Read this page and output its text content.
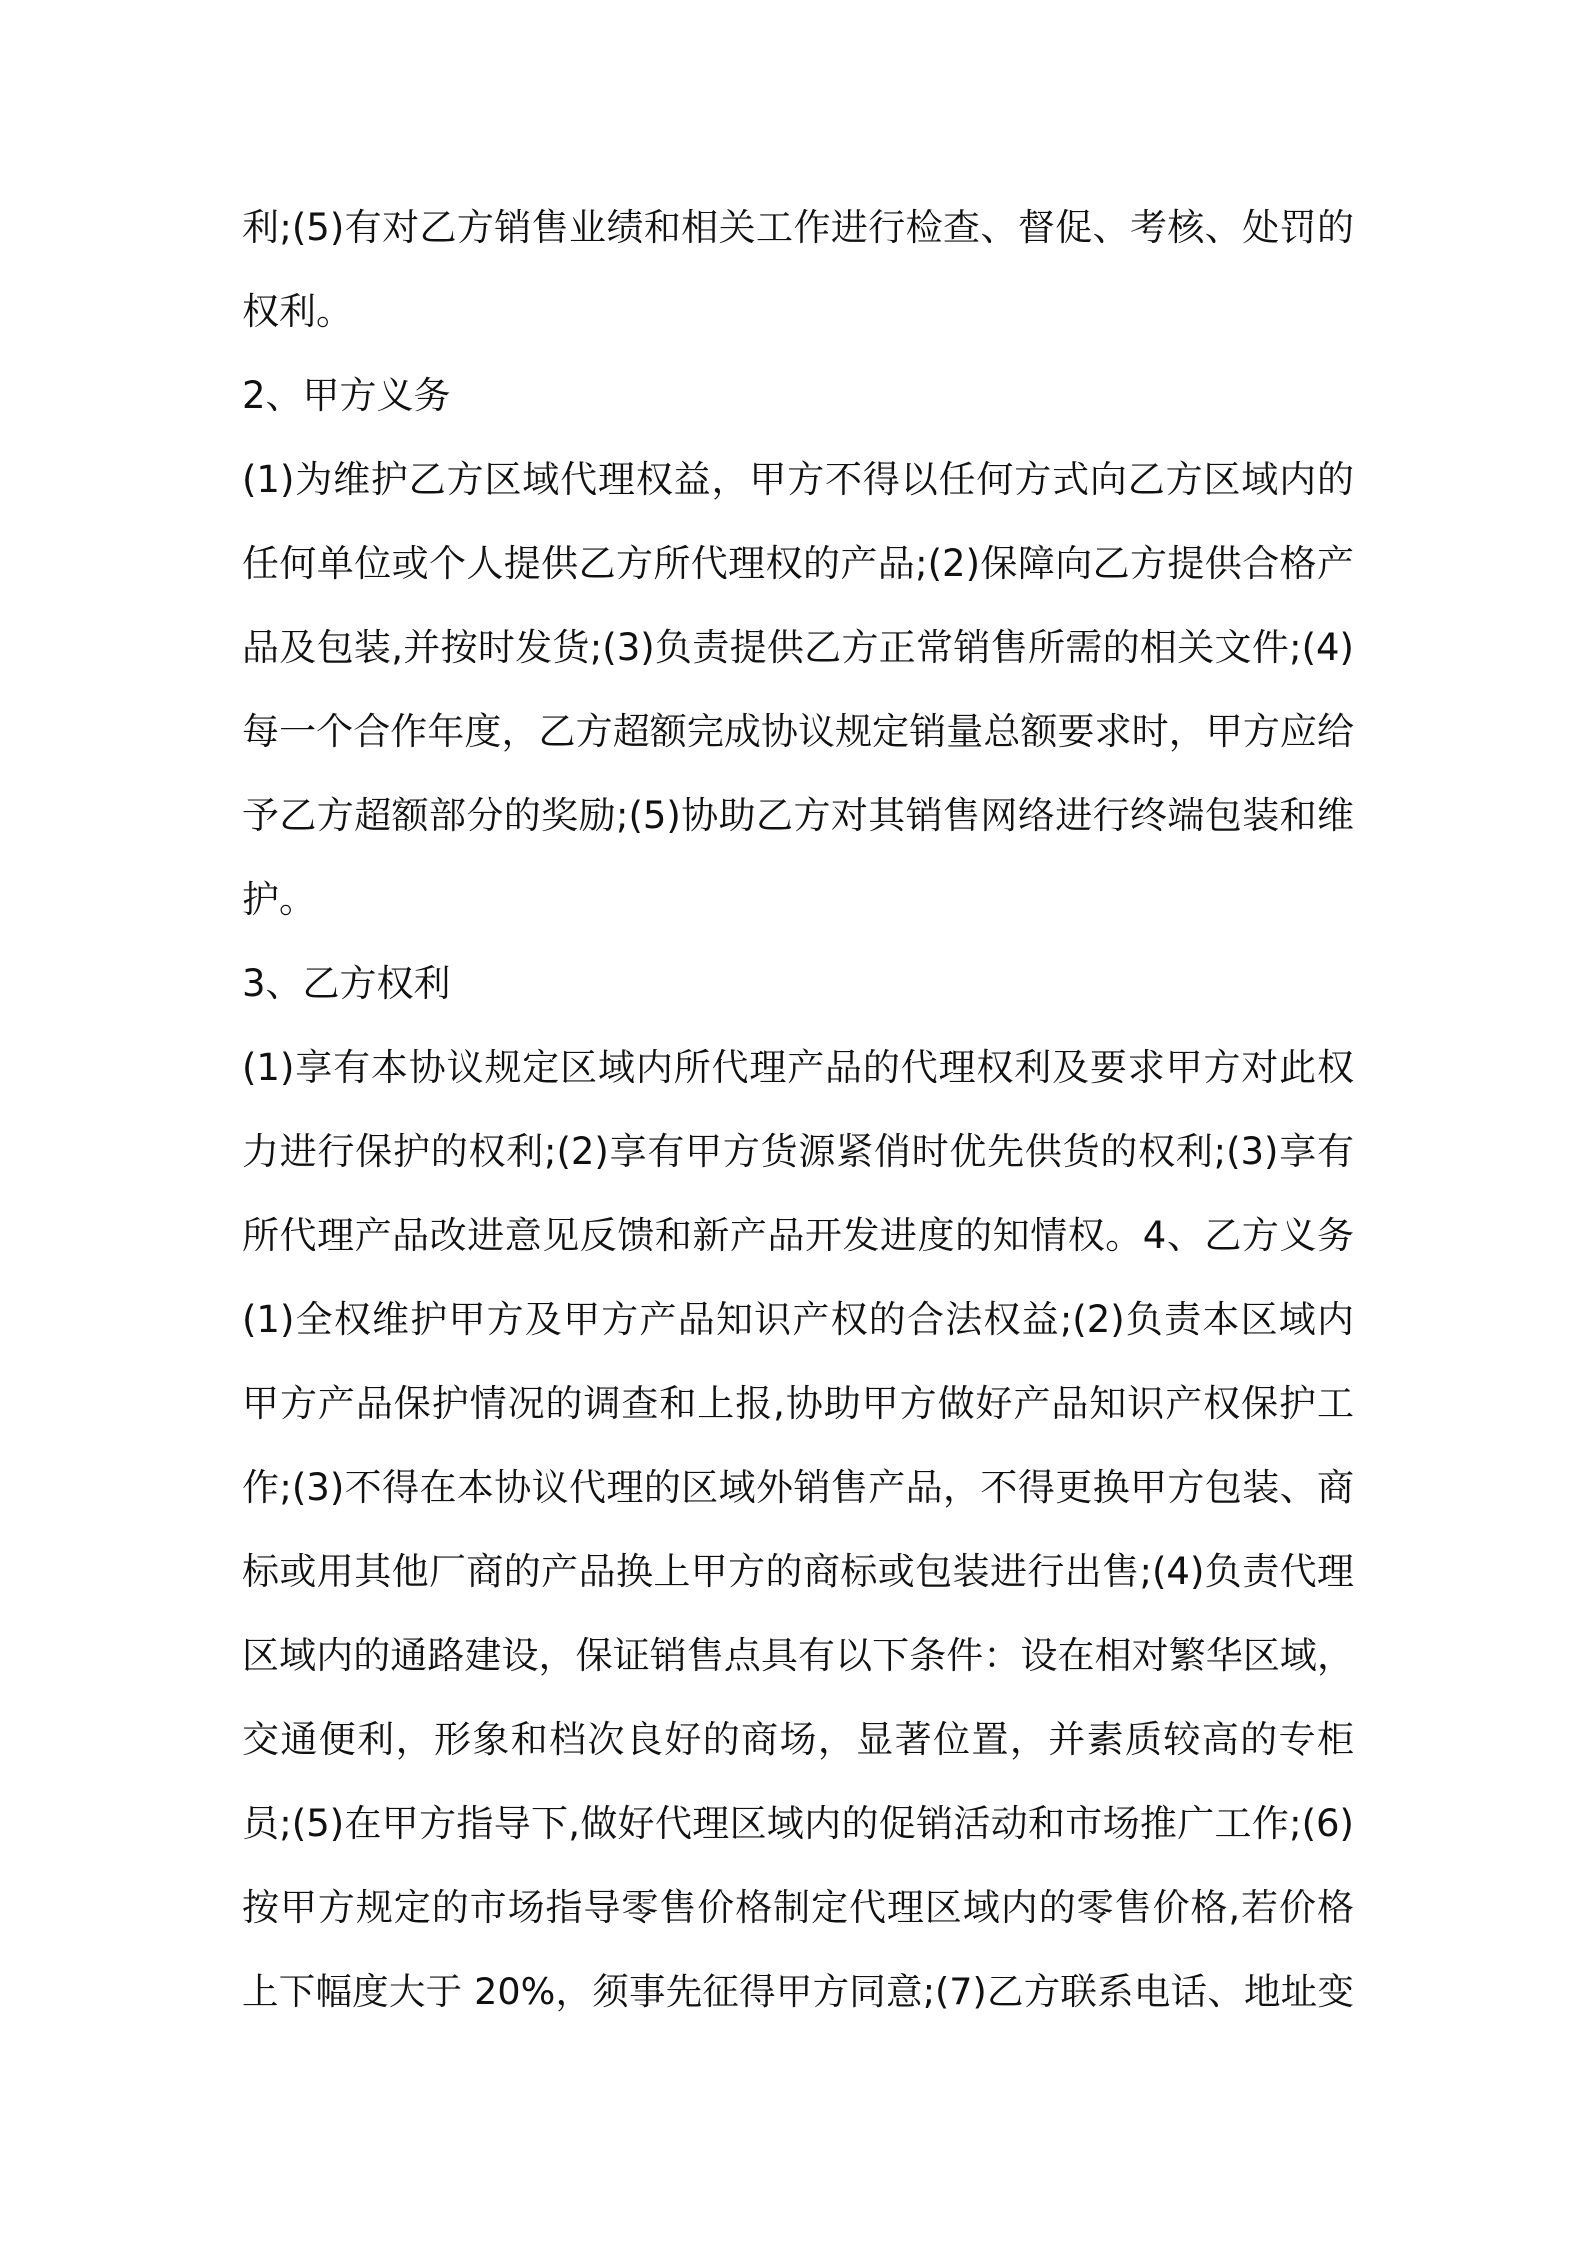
利;(5)有对乙方销售业绩和相关工作进行检查、督促、考核、处罚的
权利。
2、甲方义务
(1)为维护乙方区域代理权益，甲方不得以任何方式向乙方区域内的
任何单位或个人提供乙方所代理权的产品;(2)保障向乙方提供合格产
品及包装,并按时发货;(3)负责提供乙方正常销售所需的相关文件;(4)
每一个合作年度，乙方超额完成协议规定销量总额要求时，甲方应给
予乙方超额部分的奖励;(5)协助乙方对其销售网络进行终端包装和维
护。
3、乙方权利
(1)享有本协议规定区域内所代理产品的代理权利及要求甲方对此权
力进行保护的权利;(2)享有甲方货源紧俏时优先供货的权利;(3)享有
所代理产品改进意见反馈和新产品开发进度的知情权。4、乙方义务
(1)全权维护甲方及甲方产品知识产权的合法权益;(2)负责本区域内
甲方产品保护情况的调查和上报,协助甲方做好产品知识产权保护工
作;(3)不得在本协议代理的区域外销售产品，不得更换甲方包装、商
标或用其他厂商的产品换上甲方的商标或包装进行出售;(4)负责代理
区域内的通路建设，保证销售点具有以下条件：设在相对繁华区域，
交通便利，形象和档次良好的商场，显著位置，并素质较高的专柜
员;(5)在甲方指导下,做好代理区域内的促销活动和市场推广工作;(6)
按甲方规定的市场指导零售价格制定代理区域内的零售价格,若价格
上下幅度大于 20%，须事先征得甲方同意;(7)乙方联系电话、地址变
